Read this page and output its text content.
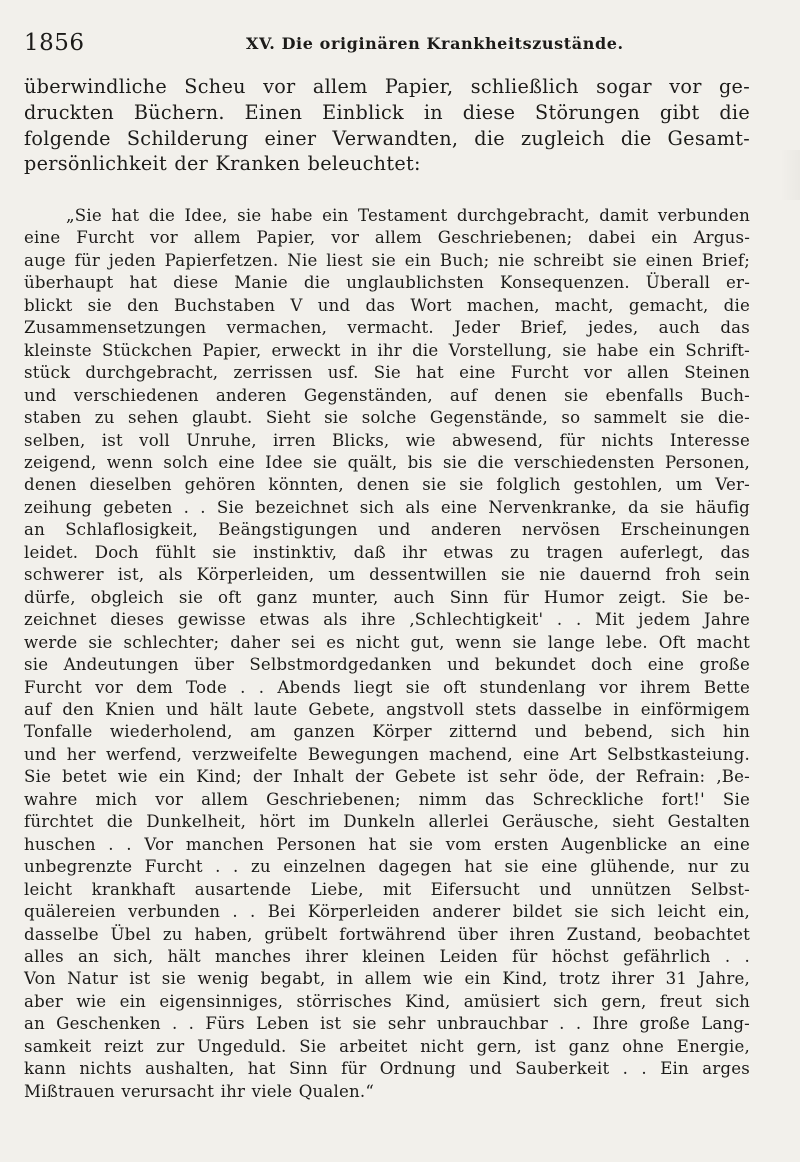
1856	XV. Die originären Krankheitszustände.
überwindliche Scheu vor allem Papier, schließlich sogar vor ge-
druckten Büchern. Einen Einblick in diese Störungen gibt die
folgende Schilderung einer Verwandten, die zugleich die Gesamt-
persönlichkeit der Kranken beleuchtet:
„Sie hat die Idee, sie habe ein Testament durchgebracht, damit verbunden
eine Furcht vor allem Papier, vor allem Geschriebenen; dabei ein Argus-
auge für jeden Papierfetzen. Nie liest sie ein Buch; nie schreibt sie einen Brief;
überhaupt hat diese Manie die unglaublichsten Konsequenzen. Überall er-
blickt sie den Buchstaben V und das Wort machen, macht, gemacht, die
Zusammensetzungen vermachen, vermacht. Jeder Brief, jedes, auch das
kleinste Stückchen Papier, erweckt in ihr die Vorstellung, sie habe ein Schrift-
stück durchgebracht, zerrissen usf. Sie hat eine Furcht vor allen Steinen
und verschiedenen anderen Gegenständen, auf denen sie ebenfalls Buch-
staben zu sehen glaubt. Sieht sie solche Gegenstände, so sammelt sie die-
selben, ist voll Unruhe, irren Blicks, wie abwesend, für nichts Interesse
zeigend, wenn solch eine Idee sie quält, bis sie die verschiedensten Personen,
denen dieselben gehören könnten, denen sie sie folglich gestohlen, um Ver-
zeihung gebeten . . Sie bezeichnet sich als eine Nervenkranke, da sie häufig
an Schlaflosigkeit, Beängstigungen und anderen nervösen Erscheinungen
leidet. Doch fühlt sie instinktiv, daß ihr etwas zu tragen auferlegt, das
schwerer ist, als Körperleiden, um dessentwillen sie nie dauernd froh sein
dürfe, obgleich sie oft ganz munter, auch Sinn für Humor zeigt. Sie be-
zeichnet dieses gewisse etwas als ihre ‚Schlechtigkeit' . . Mit jedem Jahre
werde sie schlechter; daher sei es nicht gut, wenn sie lange lebe. Oft macht
sie Andeutungen über Selbstmordgedanken und bekundet doch eine große
Furcht vor dem Tode . . Abends liegt sie oft stundenlang vor ihrem Bette
auf den Knien und hält laute Gebete, angstvoll stets dasselbe in einförmigem
Tonfalle wiederholend, am ganzen Körper zitternd und bebend, sich hin
und her werfend, verzweifelte Bewegungen machend, eine Art Selbstkasteiung.
Sie betet wie ein Kind; der Inhalt der Gebete ist sehr öde, der Refrain: ‚Be-
wahre mich vor allem Geschriebenen; nimm das Schreckliche fort!' Sie
fürchtet die Dunkelheit, hört im Dunkeln allerlei Geräusche, sieht Gestalten
huschen . . Vor manchen Personen hat sie vom ersten Augenblicke an eine
unbegrenzte Furcht . . zu einzelnen dagegen hat sie eine glühende, nur zu
leicht krankhaft ausartende Liebe, mit Eifersucht und unnützen Selbst-
quälereien verbunden . . Bei Körperleiden anderer bildet sie sich leicht ein,
dasselbe Übel zu haben, grübelt fortwährend über ihren Zustand, beobachtet
alles an sich, hält manches ihrer kleinen Leiden für höchst gefährlich . .
Von Natur ist sie wenig begabt, in allem wie ein Kind, trotz ihrer 31 Jahre,
aber wie ein eigensinniges, störrisches Kind, amüsiert sich gern, freut sich
an Geschenken . . Fürs Leben ist sie sehr unbrauchbar . . Ihre große Lang-
samkeit reizt zur Ungeduld. Sie arbeitet nicht gern, ist ganz ohne Energie,
kann nichts aushalten, hat Sinn für Ordnung und Sauberkeit . . Ein arges
Mißtrauen verursacht ihr viele Qualen.“
